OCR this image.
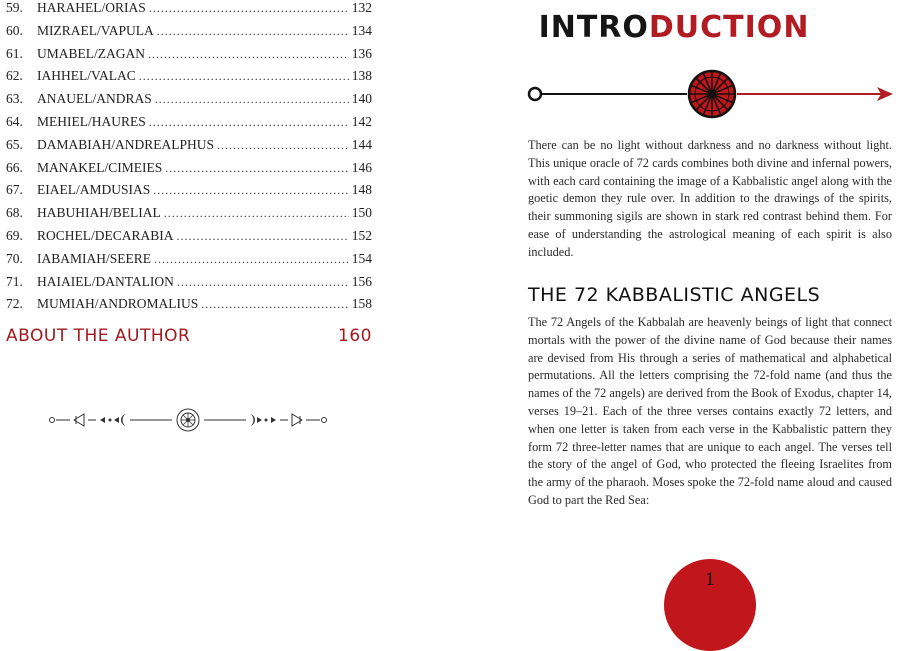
59.	HARAHEL/ORIAS .....	132
60.	MIZRAEL/VAPULA .....	134
61.	UMABEL/ZAGAN .....	136
62.	IAHHEL/VALAC .....	138
63.	ANAUEL/ANDRAS .....	140
64.	MEHIEL/HAURES .....	142
65.	DAMABIAH/ANDREALPHUS .....	144
66.	MANAKEL/CIMEIES .....	146
67.	EIAEL/AMDUSIAS .....	148
68.	HABUHIAH/BELIAL .....	150
69.	ROCHEL/DECARABIA .....	152
70.	IABAMIAH/SEERE .....	154
71.	HAIAIEL/DANTALION .....	156
72.	MUMIAH/ANDROMALIUS .....	158
ABOUT THE AUTHOR	160
INTRODUCTION
There can be no light without darkness and no darkness without light. This unique oracle of 72 cards combines both divine and infernal powers, with each card containing the image of a Kabbalistic angel along with the goetic demon they rule over. In addition to the drawings of the spirits, their summoning sigils are shown in stark red contrast behind them. For ease of understanding the astrological meaning of each spirit is also included.
THE 72 KABBALISTIC ANGELS
The 72 Angels of the Kabbalah are heavenly beings of light that connect mortals with the power of the divine name of God because their names are devised from His through a series of mathematical and alphabetical permutations. All the letters comprising the 72-fold name (and thus the names of the 72 angels) are derived from the Book of Exodus, chapter 14, verses 19–21. Each of the three verses contains exactly 72 letters, and when one letter is taken from each verse in the Kabbalistic pattern they form 72 three-letter names that are unique to each angel. The verses tell the story of the angel of God, who protected the fleeing Israelites from the army of the pharaoh. Moses spoke the 72-fold name aloud and caused God to part the Red Sea:
1
